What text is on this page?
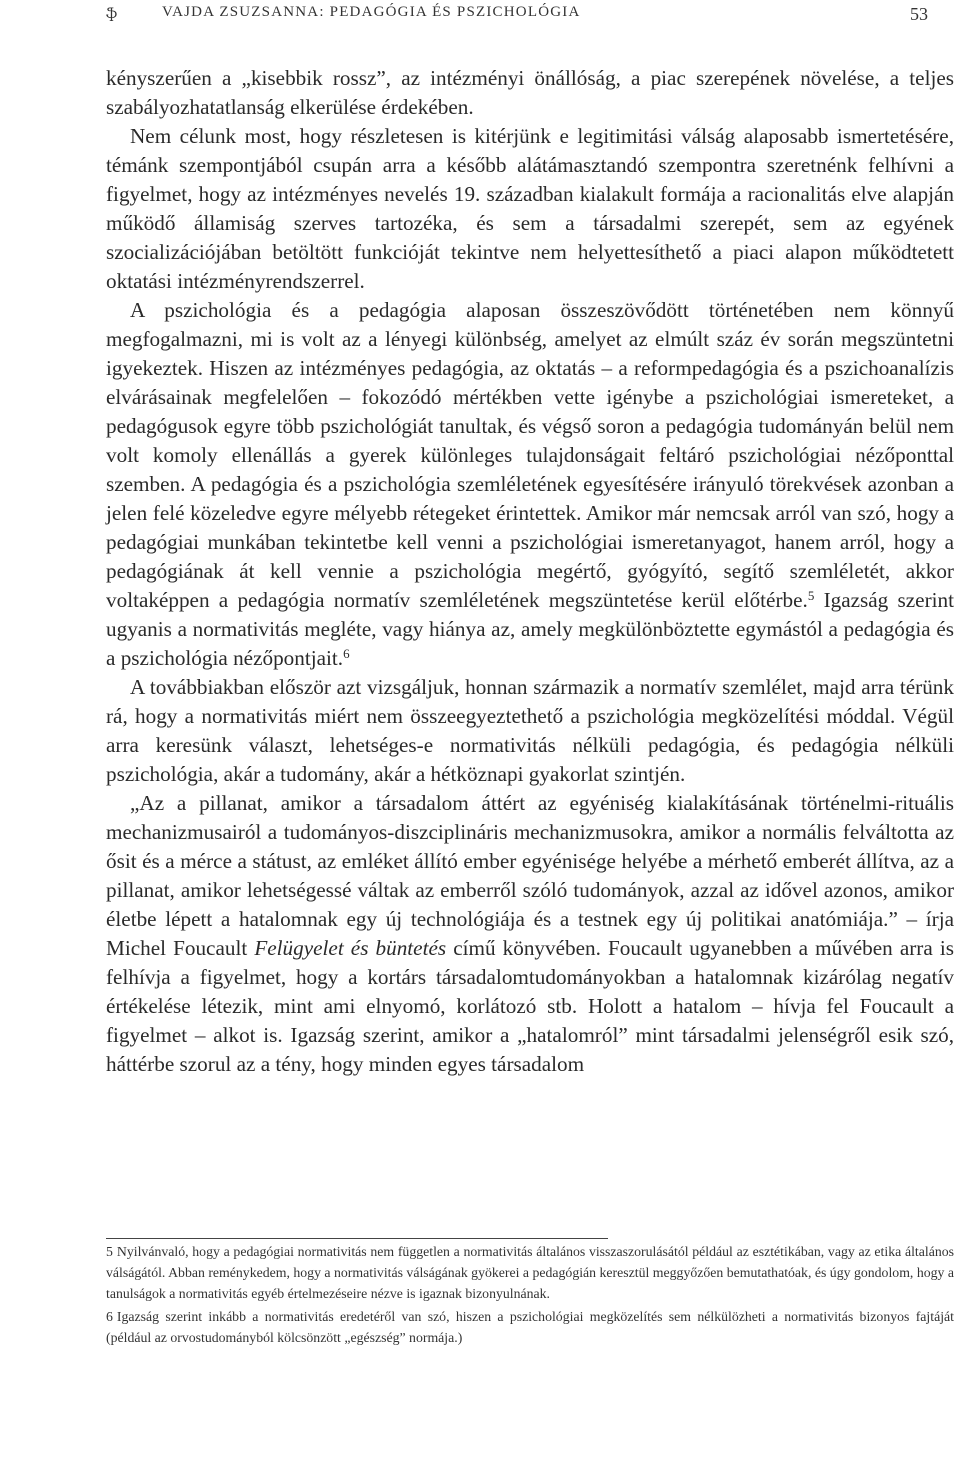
ֆ	VAJDA ZSUZSANNA: PEDAGÓGIA ÉS PSZICHOLÓGIA	53

kényszerűen a „kisebbik rossz”, az intézményi önállóság, a piac szerepének növelése, a teljes szabályozhatatlanság elkerülése érdekében.

Nem célunk most, hogy részletesen is kitérjünk e legitimitási válság alaposabb ismertetésére, témánk szempontjából csupán arra a később alátámasztandó szempontra szeretnénk felhívni a figyelmet, hogy az intézményes nevelés 19. században kialakult formája a racionalitás elve alapján működő államiság szerves tartozéka, és sem a társadalmi szerepét, sem az egyének szocializációjában betöltött funkcióját tekintve nem helyettesíthető a piaci alapon működtetett oktatási intézményrendszerrel.

A pszichológia és a pedagógia alaposan összeszövődött történetében nem könnyű megfogalmazni, mi is volt az a lényegi különbség, amelyet az elmúlt száz év során megszüntetni igyekeztek. Hiszen az intézményes pedagógia, az oktatás – a reformpedagógia és a pszichoanalízis elvárásainak megfelelően – fokozódó mértékben vette igénybe a pszichológiai ismereteket, a pedagógusok egyre több pszichológiát tanultak, és végső soron a pedagógia tudományán belül nem volt komoly ellenállás a gyerek különleges tulajdonságait feltáró pszichológiai nézőponttal szemben. A pedagógia és a pszichológia szemléletének egyesítésére irányuló törekvések azonban a jelen felé közeledve egyre mélyebb rétegeket érintettek. Amikor már nemcsak arról van szó, hogy a pedagógiai munkában tekintetbe kell venni a pszichológiai ismeretanyagot, hanem arról, hogy a pedagógiának át kell vennie a pszichológia megértő, gyógyító, segítő szemléletét, akkor voltaképpen a pedagógia normatív szemléletének megszüntetése kerül előtérbe.$^5$ Igazság szerint ugyanis a normativitás megléte, vagy hiánya az, amely megkülönböztette egymástól a pedagógia és a pszichológia nézőpontjait.$^6$

A továbbiakban először azt vizsgáljuk, honnan származik a normatív szemlélet, majd arra térünk rá, hogy a normativitás miért nem összeegyeztethető a pszichológia megközelítési móddal. Végül arra keresünk választ, lehetséges-e normativitás nélküli pedagógia, és pedagógia nélküli pszichológia, akár a tudomány, akár a hétköznapi gyakorlat szintjén.

„Az a pillanat, amikor a társadalom áttért az egyéniség kialakításának történelmi-rituális mechanizmusairól a tudományos-diszciplináris mechanizmusokra, amikor a normális felváltotta az ősit és a mérce a státust, az emléket állító ember egyénisége helyébe a mérhető emberét állítva, az a pillanat, amikor lehetségessé váltak az emberről szóló tudományok, azzal az idővel azonos, amikor életbe lépett a hatalomnak egy új technológiája és a testnek egy új politikai anatómiája.” – írja Michel Foucault Felügyelet és büntetés című könyvében. Foucault ugyanebben a művében arra is felhívja a figyelmet, hogy a kortárs társadalomtudományokban a hatalomnak kizárólag negatív értékelése létezik, mint ami elnyomó, korlátozó stb. Holott a hatalom – hívja fel Foucault a figyelmet – alkot is. Igazság szerint, amikor a „hatalomról” mint társadalmi jelenségről esik szó, háttérbe szorul az a tény, hogy minden egyes társadalom

5 Nyilvánvaló, hogy a pedagógiai normativitás nem független a normativitás általános visszaszorulásától például az esztétikában, vagy az etika általános válságától. Abban reménykedem, hogy a normativitás válságának gyökerei a pedagógián keresztül meggyőzően bemutathatóak, és úgy gondolom, hogy a tanulságok a normativitás egyéb értelmezéseire nézve is igaznak bizonyulnának.

6 Igazság szerint inkább a normativitás eredetéről van szó, hiszen a pszichológiai megközelítés sem nélkülözheti a normativitás bizonyos fajtáját (például az orvostudományból kölcsönzött „egészség” normája.)
